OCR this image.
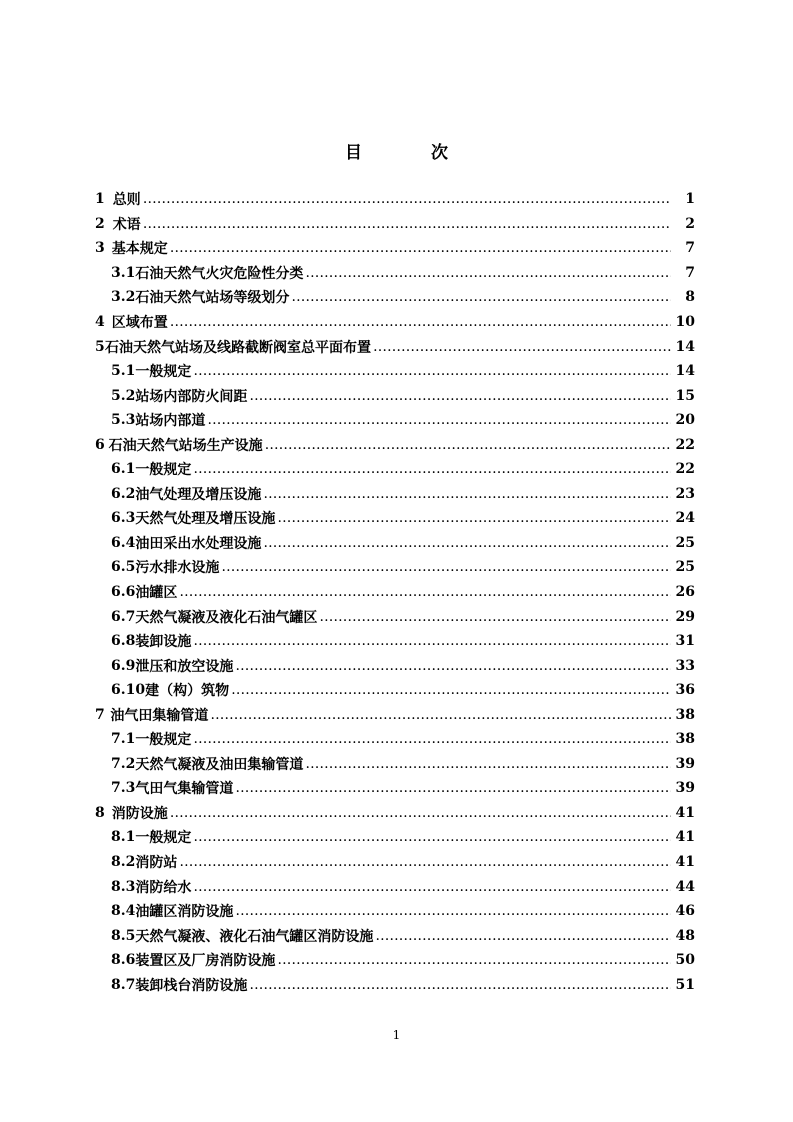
目　次
1 总则 …………………………………………………………………………………………………………………………………………………………………………	1
2 术语 …………………………………………………………………………………………………………………………………………………………………………	2
3 基本规定 …………………………………………………………………………………………………………………………………………………………………………	7
3.1 石油天然气火灾危险性分类 …………………………………………………………………………………………………………………………………………………………………………	7
3.2 石油天然气站场等级划分 …………………………………………………………………………………………………………………………………………………………………………	8
4 区域布置 …………………………………………………………………………………………………………………………………………………………………………	10
5 石油天然气站场及线路截断阀室总平面布置 …………………………………………………………………………………………………………………………………………………………………………	14
5.1 一般规定 …………………………………………………………………………………………………………………………………………………………………………	14
5.2 站场内部防火间距 …………………………………………………………………………………………………………………………………………………………………………	15
5.3 站场内部道 …………………………………………………………………………………………………………………………………………………………………………	20
6 石油天然气站场生产设施 …………………………………………………………………………………………………………………………………………………………………………	22
6.1 一般规定 …………………………………………………………………………………………………………………………………………………………………………	22
6.2 油气处理及增压设施 …………………………………………………………………………………………………………………………………………………………………………	23
6.3 天然气处理及增压设施 …………………………………………………………………………………………………………………………………………………………………………	24
6.4 油田采出水处理设施 …………………………………………………………………………………………………………………………………………………………………………	25
6.5 污水排水设施 …………………………………………………………………………………………………………………………………………………………………………	25
6.6 油罐区 …………………………………………………………………………………………………………………………………………………………………………	26
6.7 天然气凝液及液化石油气罐区 …………………………………………………………………………………………………………………………………………………………………………	29
6.8 装卸设施 …………………………………………………………………………………………………………………………………………………………………………	31
6.9 泄压和放空设施 …………………………………………………………………………………………………………………………………………………………………………	33
6.10 建（构）筑物 …………………………………………………………………………………………………………………………………………………………………………	36
7 油气田集输管道 …………………………………………………………………………………………………………………………………………………………………………	38
7.1 一般规定 …………………………………………………………………………………………………………………………………………………………………………	38
7.2 天然气凝液及油田集输管道 …………………………………………………………………………………………………………………………………………………………………………	39
7.3 气田气集输管道 …………………………………………………………………………………………………………………………………………………………………………	39
8 消防设施 …………………………………………………………………………………………………………………………………………………………………………	41
8.1 一般规定 …………………………………………………………………………………………………………………………………………………………………………	41
8.2 消防站 …………………………………………………………………………………………………………………………………………………………………………	41
8.3 消防给水 …………………………………………………………………………………………………………………………………………………………………………	44
8.4 油罐区消防设施 …………………………………………………………………………………………………………………………………………………………………………	46
8.5 天然气凝液、液化石油气罐区消防设施 …………………………………………………………………………………………………………………………………………………………………………	48
8.6 装置区及厂房消防设施 …………………………………………………………………………………………………………………………………………………………………………	50
8.7 装卸栈台消防设施 …………………………………………………………………………………………………………………………………………………………………………	51
1
